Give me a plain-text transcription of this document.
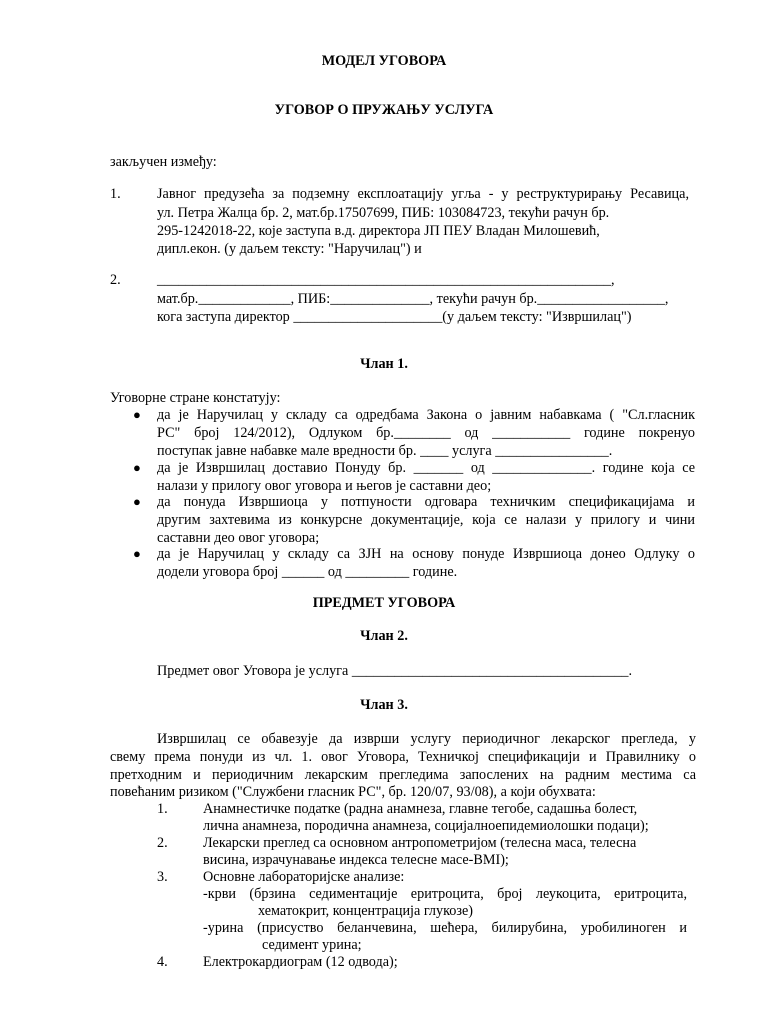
МОДЕЛ УГОВОРА
УГОВОР О ПРУЖАЊУ УСЛУГА
закључен између:
1.	Јавног предузећа за подземну експлоатацију угља - у реструктурирању Ресавица,
ул. Петра Жалца бр. 2, мат.бр.17507699, ПИБ: 103084723, текући рачун бр.
295-1242018-22, које заступа в.д. директора ЈП ПЕУ Владан Милошевић,
дипл.екон. (у даљем тексту: "Наручилац") и
2.	________________________________________________________________,
мат.бр._____________, ПИБ:______________, текући рачун бр.__________________,
кога заступа директор _____________________(у даљем тексту: "Извршилац")
Члан 1.
Уговорне стране констатују:
● да је Наручилац у складу са одредбама Закона о јавним набавкама ( "Сл.гласник
РС" број 124/2012), Одлуком бр.________ од ___________ године покренуо
поступак јавне набавке мале вредности бр. ____ услуга ________________.
● да је Извршилац доставио Понуду бр. _______ од ______________. године која се
налази у прилогу овог уговора и његов је саставни део;
● да понуда Извршиоца у потпуности одговара техничким спецификацијама и
другим захтевима из конкурсне документације, која се налази у прилогу и чини
саставни део овог уговора;
● да је Наручилац у складу са ЗЈН на основу понуде Извршиоца донео Одлуку о
додели уговора број ______ од _________ године.
ПРЕДМЕТ УГОВОРА
Члан 2.
Предмет овог Уговора је услуга _______________________________________.
Члан 3.
Извршилац се обавезује да изврши услугу периодичног лекарског прегледа, у
свему према понуди из чл. 1. овог Уговора, Техничкој спецификацији и Правилнику о
претходним и периодичним лекарским прегледима запослених на радним местима са
повећаним ризиком ("Службени гласник РС", бр. 120/07, 93/08), а који обухвата:
1. Анамнестичке податке (радна анамнеза, главне тегобе, садашња болест,
лична анамнеза, породична анамнеза, социјалноепидемиолошки подаци);
2. Лекарски преглед са основном антропометријом (телесна маса, телесна
висина, израчунавање индекса телесне масе-BMI);
3. Основне лабораторијске анализе:
-крви (брзина седиментације еритроцита, број леукоцита, еритроцита,
хематокрит, концентрација глукозе)
-урина (присуство беланчевина, шећера, билирубина, уробилиноген и
седимент урина;
4. Електрокардиограм (12 одвода);
